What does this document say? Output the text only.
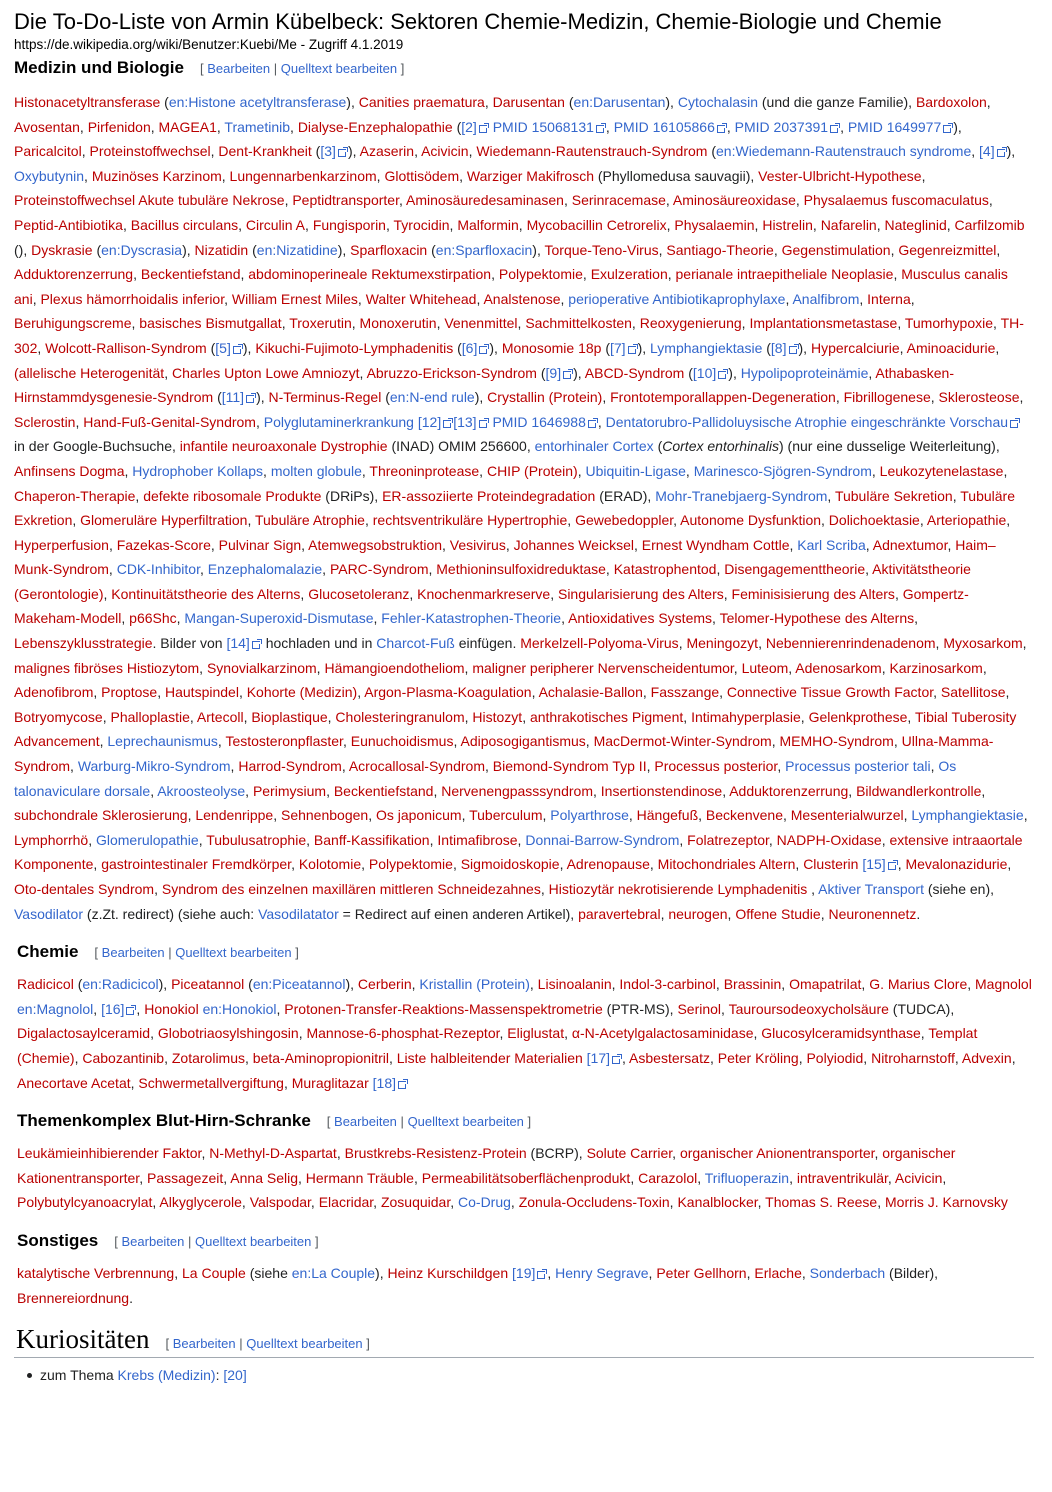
Die To-Do-Liste von Armin Kübelbeck: Sektoren Chemie-Medizin, Chemie-Biologie und Chemie

https://de.wikipedia.org/wiki/Benutzer:Kuebi/Me - Zugriff 4.1.2019

Medizin und Biologie [ Bearbeiten | Quelltext bearbeiten ]

Histonacetyltransferase (en:Histone acetyltransferase), Canities praematura, Darusentan (en:Darusentan), Cytochalasin (und die ganze Familie), Bardoxolon, Avosentan, Pirfenidon, MAGEA1, Trametinib, Dialyse-Enzephalopathie ([2] PMID 15068131 , PMID 16105866 , PMID 2037391 , PMID 1649977 ), Paricalcitol, Proteinstoffwechsel, Dent-Krankheit ([3] ), Azaserin, Acivicin, Wiedemann-Rautenstrauch-Syndrom (en:Wiedemann-Rautenstrauch syndrome, [4] ), Oxybutynin, Muzinöses Karzinom, Lungennarbenkarzinom, Glottisödem, Warziger Makifrosch (Phyllomedusa sauvagii), Vester-Ulbricht-Hypothese, Proteinstoffwechsel Akute tubuläre Nekrose, Peptidtransporter, Aminosäuredesaminasen, Serinracemase, Aminosäureoxidase, Physalaemus fuscomaculatus, Peptid-Antibiotika, Bacillus circulans, Circulin A, Fungisporin, Tyrocidin, Malformin, Mycobacillin Cetrorelix, Physalaemin, Histrelin, Nafarelin, Nateglinid, Carfilzomib (), Dyskrasie (en:Dyscrasia), Nizatidin (en:Nizatidine), Sparfloxacin (en:Sparfloxacin), Torque-Teno-Virus, Santiago-Theorie, Gegenstimulation, Gegenreizmittel, Adduktorenzerrung, Beckentiefstand, abdominoperineale Rektumexstirpation, Polypektomie, Exulzeration, perianale intraepitheliale Neoplasie, Musculus canalis ani, Plexus hämorrhoidalis inferior, William Ernest Miles, Walter Whitehead, Analstenose, perioperative Antibiotikaprophylaxe, Analfibrom, Interna, Beruhigungscreme, basisches Bismutgallat, Troxerutin, Monoxerutin, Venenmittel, Sachmittelkosten, Reoxygenierung, Implantationsmetastase, Tumorhypoxie, TH-302, Wolcott-Rallison-Syndrom ([5] ), Kikuchi-Fujimoto-Lymphadenitis ([6] ), Monosomie 18p ([7] ), Lymphangiektasie ([8] ), Hypercalciurie, Aminoacidurie, (allelische Heterogenität, Charles Upton Lowe Amniozyt, Abruzzo-Erickson-Syndrom ([9] ), ABCD-Syndrom ([10] ), Hypolipoproteinämie, Athabasken-Hirnstammdysgenesie-Syndrom ([11] ), N-Terminus-Regel (en:N-end rule), Crystallin (Protein), Frontotemporallappen-Degeneration, Fibrillogenese, Sklerosteose, Sclerostin, Hand-Fuß-Genital-Syndrom, Polyglutaminerkrankung [12] [13] PMID 1646988 , Dentatorubro-Pallidoluysische Atrophie eingeschränkte Vorschau in der Google-Buchsuche, infantile neuroaxonale Dystrophie (INAD) OMIM 256600, entorhinaler Cortex (Cortex entorhinalis) (nur eine dusselige Weiterleitung), Anfinsens Dogma, Hydrophober Kollaps, molten globule, Threoninprotease, CHIP (Protein), Ubiquitin-Ligase, Marinesco-Sjögren-Syndrom, Leukozytenelastase, Chaperon-Therapie, defekte ribosomale Produkte (DRiPs), ER-assoziierte Proteindegradation (ERAD), Mohr-Tranebjaerg-Syndrom, Tubuläre Sekretion, Tubuläre Exkretion, Glomeruläre Hyperfiltration, Tubuläre Atrophie, rechtsventrikuläre Hypertrophie, Gewebedoppler, Autonome Dysfunktion, Dolichoektasie, Arteriopathie, Hyperperfusion, Fazekas-Score, Pulvinar Sign, Atemwegsobstruktion, Vesivirus, Johannes Weicksel, Ernest Wyndham Cottle, Karl Scriba, Adnextumor, Haim–Munk-Syndrom, CDK-Inhibitor, Enzephalomalazie, PARC-Syndrom, Methioninsulfoxidreduktase, Katastrophentod, Disengagementtheorie, Aktivitätstheorie (Gerontologie), Kontinuitätstheorie des Alterns, Glucosetoleranz, Knochenmarkreserve, Singularisierung des Alters, Feminisisierung des Alters, Gompertz-Makeham-Modell, p66Shc, Mangan-Superoxid-Dismutase, Fehler-Katastrophen-Theorie, Antioxidatives Systems, Telomer-Hypothese des Alterns, Lebenszyklusstrategie. Bilder von [14] hochladen und in Charcot-Fuß einfügen. Merkelzell-Polyoma-Virus, Meningozyt, Nebennierenrindenadenom, Myxosarkom, malignes fibröses Histiozytom, Synovialkarzinom, Hämangioendotheliom, maligner peripherer Nervenscheidentumor, Luteom, Adenosarkom, Karzinosarkom, Adenofibrom, Proptose, Hautspindel, Kohorte (Medizin), Argon-Plasma-Koagulation, Achalasie-Ballon, Fasszange, Connective Tissue Growth Factor, Satellitose, Botryomycose, Phalloplastie, Artecoll, Bioplastique, Cholesteringranulom, Histozyt, anthrakotisches Pigment, Intimahyperplasie, Gelenkprothese, Tibial Tuberosity Advancement, Leprechaunismus, Testosteronpflaster, Eunuchoidismus, Adiposogigantismus, MacDermot-Winter-Syndrom, MEMHO-Syndrom, Ullna-Mamma-Syndrom, Warburg-Mikro-Syndrom, Harrod-Syndrom, Acrocallosal-Syndrom, Biemond-Syndrom Typ II, Processus posterior, Processus posterior tali, Os talonaviculare dorsale, Akroosteolyse, Perimysium, Beckentiefstand, Nervenengpasssyndrom, Insertionstendinose, Adduktorenzerrung, Bildwandlerkontrolle, subchondrale Sklerosierung, Lendenrippe, Sehnenbogen, Os japonicum, Tuberculum, Polyarthrose, Hängefuß, Beckenvene, Mesenterialwurzel, Lymphangiektasie, Lymphorrhö, Glomerulopathie, Tubulusatrophie, Banff-Kassifikation, Intimafibrose, Donnai-Barrow-Syndrom, Folatrezeptor, NADPH-Oxidase, extensive intraaortale Komponente, gastrointestinaler Fremdkörper, Kolotomie, Polypektomie, Sigmoidoskopie, Adrenopause, Mitochondriales Altern, Clusterin [15] , Mevalonazidurie, Oto-dentales Syndrom, Syndrom des einzelnen maxillären mittleren Schneidezahnes, Histiozytär nekrotisierende Lymphadenitis , Aktiver Transport (siehe en), Vasodilator (z.Zt. redirect) (siehe auch: Vasodilatator = Redirect auf einen anderen Artikel), paravertebral, neurogen, Offene Studie, Neuronennetz.

Chemie [ Bearbeiten | Quelltext bearbeiten ]

Radicicol (en:Radicicol), Piceatannol (en:Piceatannol), Cerberin, Kristallin (Protein), Lisinoalanin, Indol-3-carbinol, Brassinin, Omapatrilat, G. Marius Clore, Magnolol en:Magnolol, [16] , Honokiol en:Honokiol, Protonen-Transfer-Reaktions-Massenspektrometrie (PTR-MS), Serinol, Tauroursodeoxycholsäure (TUDCA), Digalactosaylceramid, Globotriaosylshingosin, Mannose-6-phosphat-Rezeptor, Eliglustat, α-N-Acetylgalactosaminidase, Glucosylceramidsynthase, Templat (Chemie), Cabozantinib, Zotarolimus, beta-Aminopropionitril, Liste halbleitender Materialien [17] , Asbestersatz, Peter Kröling, Polyiodid, Nitroharnstoff, Advexin, Anecortave Acetat, Schwermetallvergiftung, Muraglitazar [18]

Themenkomplex Blut-Hirn-Schranke [ Bearbeiten | Quelltext bearbeiten ]

Leukämieinhibierender Faktor, N-Methyl-D-Aspartat, Brustkrebs-Resistenz-Protein (BCRP), Solute Carrier, organischer Anionentransporter, organischer Kationentransporter, Passagezeit, Anna Selig, Hermann Träuble, Permeabilitätsoberflächenprodukt, Carazolol, Trifluoperazin, intraventrikulär, Acivicin, Polybutylcyanoacrylat, Alkyglycerole, Valspodar, Elacridar, Zosuquidar, Co-Drug, Zonula-Occludens-Toxin, Kanalblocker, Thomas S. Reese, Morris J. Karnovsky

Sonstiges [ Bearbeiten | Quelltext bearbeiten ]

katalytische Verbrennung, La Couple (siehe en:La Couple), Heinz Kurschildgen [19] , Henry Segrave, Peter Gellhorn, Erlache, Sonderbach (Bilder), Brennereiordnung.

Kuriositäten [ Bearbeiten | Quelltext bearbeiten ]
zum Thema Krebs (Medizin): [20]
